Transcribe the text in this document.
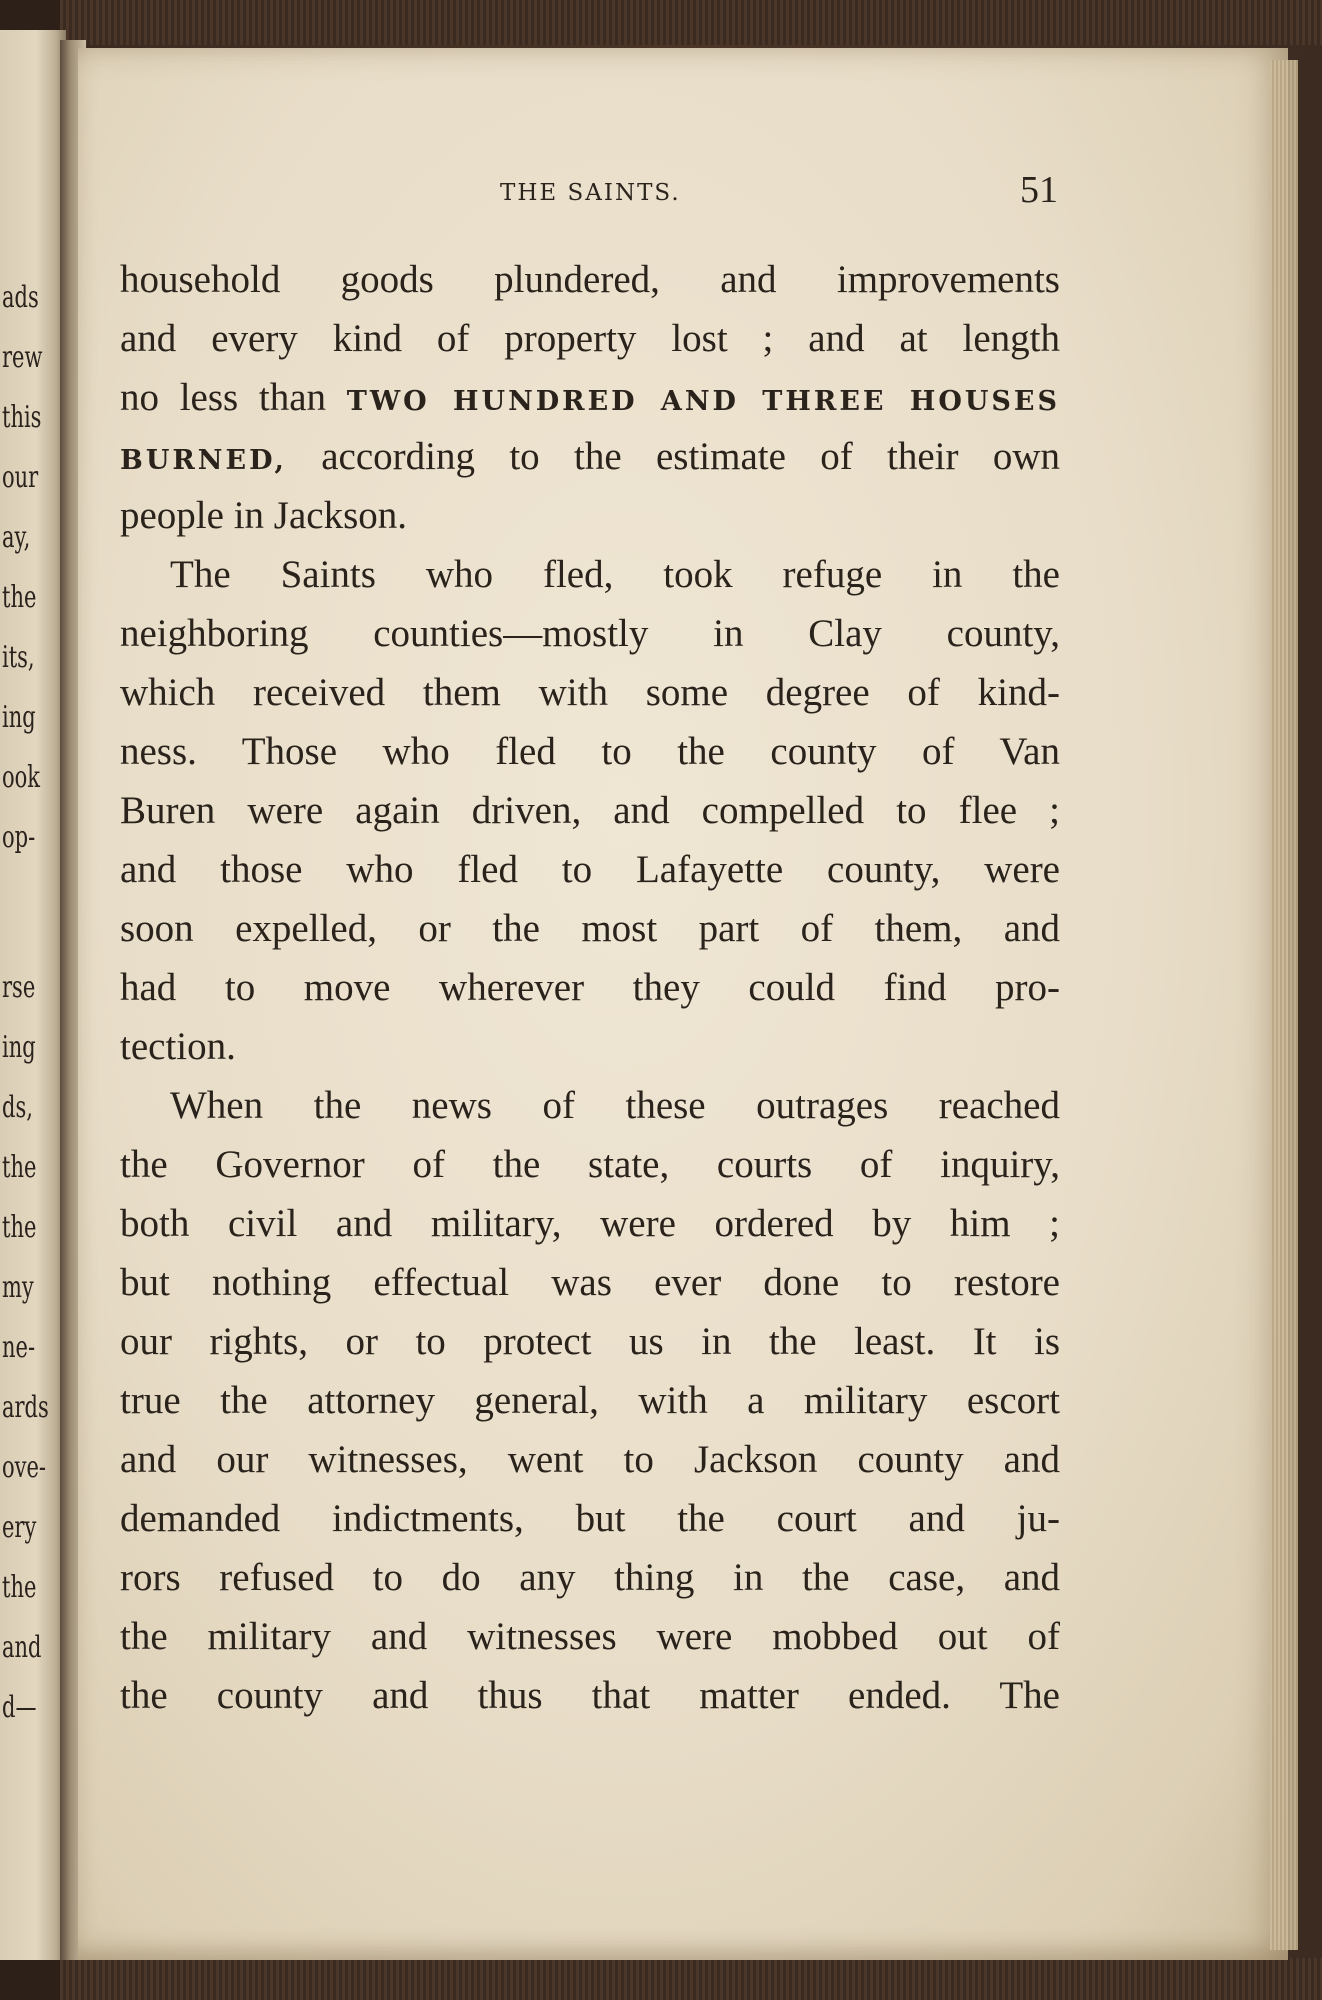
ads
rew
this
our
ay,
the
its,
ing
ook
op-
rse
ing
ds,
the
the
my
ne-
ards
ove-
ery
the
and
d—
THE SAINTS.	51
household goods plundered, and improvements
and every kind of property lost ; and at length
no less than TWO HUNDRED AND THREE HOUSES
BURNED, according to the estimate of their own
people in Jackson.
The Saints who fled, took refuge in the
neighboring counties—mostly in Clay county,
which received them with some degree of kind-
ness. Those who fled to the county of Van
Buren were again driven, and compelled to flee ;
and those who fled to Lafayette county, were
soon expelled, or the most part of them, and
had to move wherever they could find pro-
tection.
When the news of these outrages reached
the Governor of the state, courts of inquiry,
both civil and military, were ordered by him ;
but nothing effectual was ever done to restore
our rights, or to protect us in the least. It is
true the attorney general, with a military escort
and our witnesses, went to Jackson county and
demanded indictments, but the court and ju-
rors refused to do any thing in the case, and
the military and witnesses were mobbed out of
the county and thus that matter ended. The
